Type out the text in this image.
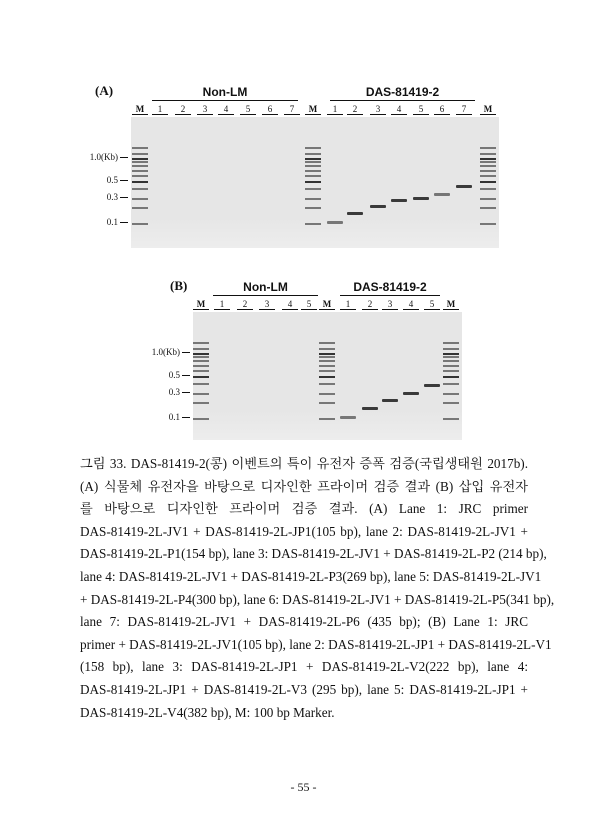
(A)	Non-LM	DAS-81419-2
M	1	2	3	4	5	6	7	M	1	2	3	4	5	6	7	M
1.0(Kb)
0.5
0.3
0.1
(B)	Non-LM	DAS-81419-2
M	1	2	3	4	5	M	1	2	3	4	5	M
1.0(Kb)
0.5
0.3
0.1
그림 33. DAS-81419-2(콩) 이벤트의 특이 유전자 증폭 검증(국립생태원 2017b).
(A) 식물체 유전자을 바탕으로 디자인한 프라이머 검증 결과 (B) 삽입 유전자
를 바탕으로 디자인한 프라이머 검증 결과. (A) Lane 1: JRC primer
DAS-81419-2L-JV1 + DAS-81419-2L-JP1(105 bp), lane 2: DAS-81419-2L-JV1 +
DAS-81419-2L-P1(154 bp), lane 3: DAS-81419-2L-JV1 + DAS-81419-2L-P2 (214 bp),
lane 4: DAS-81419-2L-JV1 + DAS-81419-2L-P3(269 bp), lane 5: DAS-81419-2L-JV1
+ DAS-81419-2L-P4(300 bp), lane 6: DAS-81419-2L-JV1 + DAS-81419-2L-P5(341 bp),
lane 7: DAS-81419-2L-JV1 + DAS-81419-2L-P6 (435 bp); (B) Lane 1: JRC
primer + DAS-81419-2L-JV1(105 bp), lane 2: DAS-81419-2L-JP1 + DAS-81419-2L-V1
(158 bp), lane 3: DAS-81419-2L-JP1 + DAS-81419-2L-V2(222 bp), lane 4:
DAS-81419-2L-JP1 + DAS-81419-2L-V3 (295 bp), lane 5: DAS-81419-2L-JP1 +
DAS-81419-2L-V4(382 bp), M: 100 bp Marker.
- 55 -
